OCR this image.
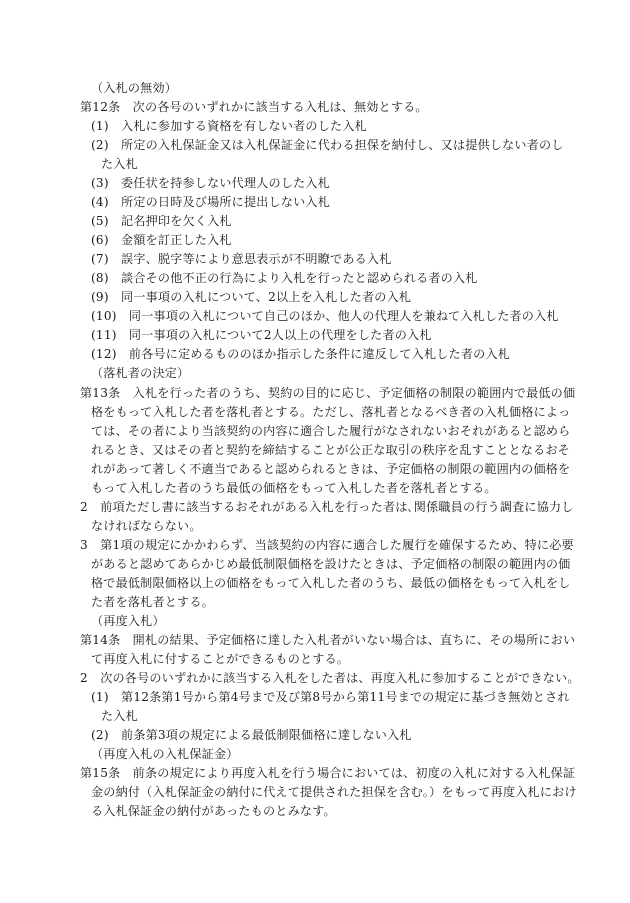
（入札の無効）
第12条　次の各号のいずれかに該当する入札は、無効とする。
(1)　入札に参加する資格を有しない者のした入札
(2)　所定の入札保証金又は入札保証金に代わる担保を納付し、又は提供しない者のし
た入札
(3)　委任状を持参しない代理人のした入札
(4)　所定の日時及び場所に提出しない入札
(5)　記名押印を欠く入札
(6)　金額を訂正した入札
(7)　誤字、脱字等により意思表示が不明瞭である入札
(8)　談合その他不正の行為により入札を行ったと認められる者の入札
(9)　同一事項の入札について、2以上を入札した者の入札
(10)　同一事項の入札について自己のほか、他人の代理人を兼ねて入札した者の入札
(11)　同一事項の入札について2人以上の代理をした者の入札
(12)　前各号に定めるもののほか指示した条件に違反して入札した者の入札
（落札者の決定）
第13条　入札を行った者のうち、契約の目的に応じ、予定価格の制限の範囲内で最低の価
格をもって入札した者を落札者とする。ただし、落札者となるべき者の入札価格によっ
ては、その者により当該契約の内容に適合した履行がなされないおそれがあると認めら
れるとき、又はその者と契約を締結することが公正な取引の秩序を乱すこととなるおそ
れがあって著しく不適当であると認められるときは、予定価格の制限の範囲内の価格を
もって入札した者のうち最低の価格をもって入札した者を落札者とする。
2　前項ただし書に該当するおそれがある入札を行った者は､関係職員の行う調査に協力し
なければならない。
3　第1項の規定にかかわらず、当該契約の内容に適合した履行を確保するため、特に必要
があると認めてあらかじめ最低制限価格を設けたときは、予定価格の制限の範囲内の価
格で最低制限価格以上の価格をもって入札した者のうち、最低の価格をもって入札をし
た者を落札者とする。
（再度入札）
第14条　開札の結果、予定価格に達した入札者がいない場合は、直ちに、その場所におい
て再度入札に付することができるものとする。
2　次の各号のいずれかに該当する入札をした者は、再度入札に参加することができない。
(1)　第12条第1号から第4号まで及び第8号から第11号までの規定に基づき無効とされ
た入札
(2)　前条第3項の規定による最低制限価格に達しない入札
（再度入札の入札保証金）
第15条　前条の規定により再度入札を行う場合においては、初度の入札に対する入札保証
金の納付（入札保証金の納付に代えて提供された担保を含む。）をもって再度入札におけ
る入札保証金の納付があったものとみなす。
